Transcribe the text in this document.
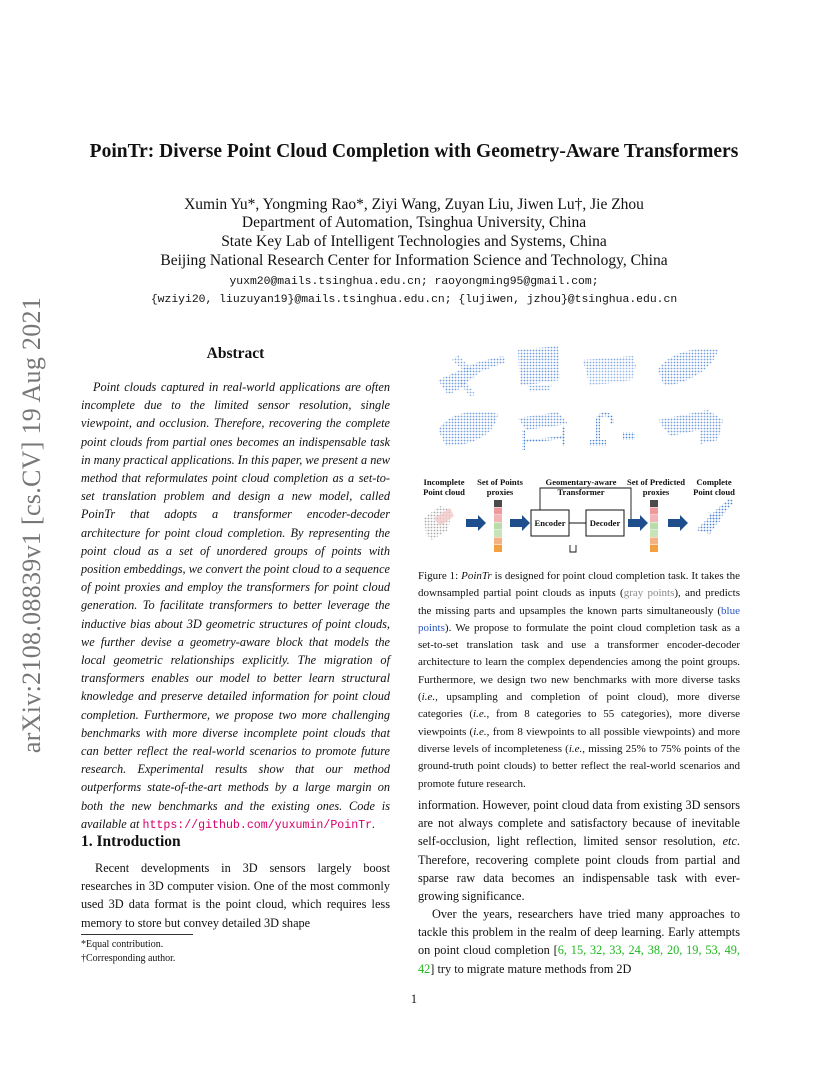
arXiv:2108.08839v1 [cs.CV] 19 Aug 2021
PoinTr: Diverse Point Cloud Completion with Geometry-Aware Transformers
Xumin Yu*, Yongming Rao*, Ziyi Wang, Zuyan Liu, Jiwen Lu†, Jie Zhou
Department of Automation, Tsinghua University, China
State Key Lab of Intelligent Technologies and Systems, China
Beijing National Research Center for Information Science and Technology, China
yuxm20@mails.tsinghua.edu.cn; raoyongming95@gmail.com;
{wziyi20, liuzuyan19}@mails.tsinghua.edu.cn; {lujiwen, jzhou}@tsinghua.edu.cn
Abstract
Point clouds captured in real-world applications are often incomplete due to the limited sensor resolution, single viewpoint, and occlusion. Therefore, recovering the complete point clouds from partial ones becomes an indispensable task in many practical applications. In this paper, we present a new method that reformulates point cloud completion as a set-to-set translation problem and design a new model, called PoinTr that adopts a transformer encoder-decoder architecture for point cloud completion. By representing the point cloud as a set of unordered groups of points with position embeddings, we convert the point cloud to a sequence of point proxies and employ the transformers for point cloud generation. To facilitate transformers to better leverage the inductive bias about 3D geometric structures of point clouds, we further devise a geometry-aware block that models the local geometric relationships explicitly. The migration of transformers enables our model to better learn structural knowledge and preserve detailed information for point cloud completion. Furthermore, we propose two more challenging benchmarks with more diverse incomplete point clouds that can better reflect the real-world scenarios to promote future research. Experimental results show that our method outperforms state-of-the-art methods by a large margin on both the new benchmarks and the existing ones. Code is available at https://github.com/yuxumin/PoinTr.
1. Introduction
Recent developments in 3D sensors largely boost researches in 3D computer vision. One of the most commonly used 3D data format is the point cloud, which requires less memory to store but convey detailed 3D shape
*Equal contribution.
†Corresponding author.
Incomplete Point cloud
Set of Points proxies
Geomentary-aware Transformer
Set of Predicted proxies
Complete Point cloud
Encoder	Decoder
Figure 1: PoinTr is designed for point cloud completion task. It takes the downsampled partial point clouds as inputs (gray points), and predicts the missing parts and upsamples the known parts simultaneously (blue points). We propose to formulate the point cloud completion task as a set-to-set translation task and use a transformer encoder-decoder architecture to learn the complex dependencies among the point groups. Furthermore, we design two new benchmarks with more diverse tasks (i.e., upsampling and completion of point cloud), more diverse categories (i.e., from 8 categories to 55 categories), more diverse viewpoints (i.e., from 8 viewpoints to all possible viewpoints) and more diverse levels of incompleteness (i.e., missing 25% to 75% points of the ground-truth point clouds) to better reflect the real-world scenarios and promote future research.
information. However, point cloud data from existing 3D sensors are not always complete and satisfactory because of inevitable self-occlusion, light reflection, limited sensor resolution, etc. Therefore, recovering complete point clouds from partial and sparse raw data becomes an indispensable task with ever-growing significance.
Over the years, researchers have tried many approaches to tackle this problem in the realm of deep learning. Early attempts on point cloud completion [6, 15, 32, 33, 24, 38, 20, 19, 53, 49, 42] try to migrate mature methods from 2D
1
